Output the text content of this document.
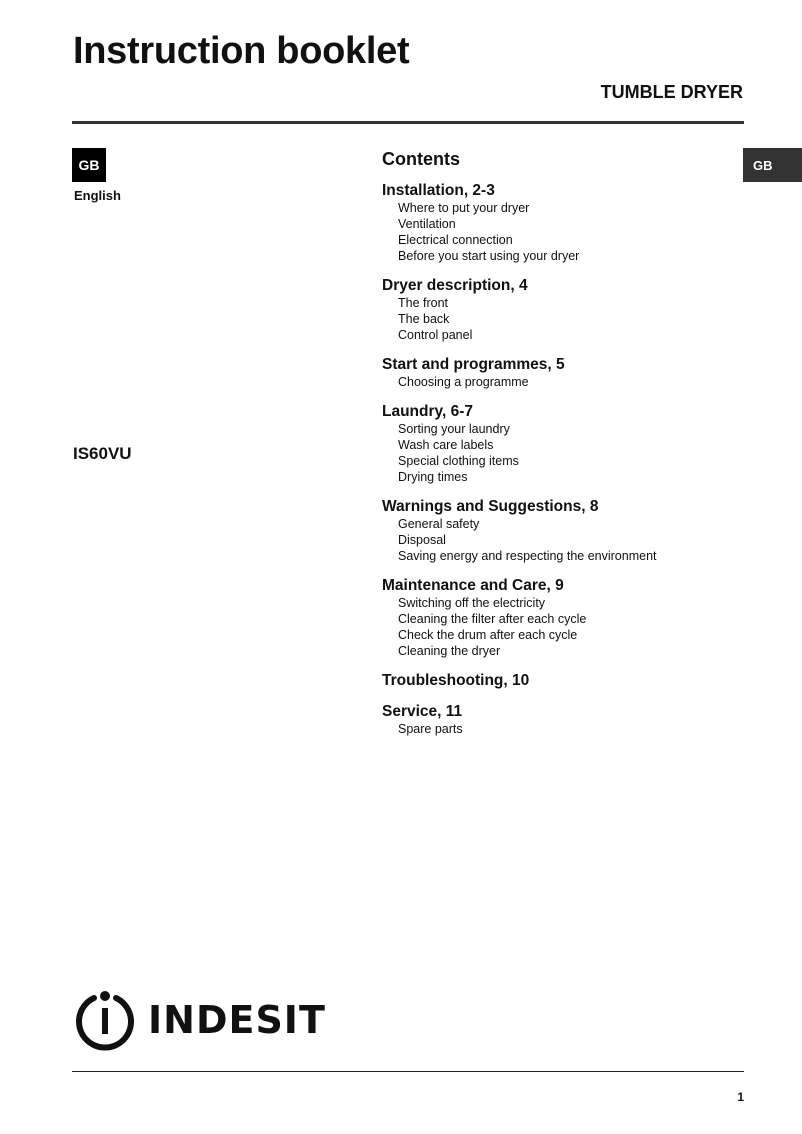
Instruction booklet
TUMBLE DRYER
GB
English
IS60VU
GB
Contents
Installation, 2-3
Where to put your dryer
Ventilation
Electrical connection
Before you start using your dryer
Dryer description, 4
The front
The back
Control panel
Start and programmes, 5
Choosing a programme
Laundry, 6-7
Sorting your laundry
Wash care labels
Special clothing items
Drying times
Warnings and Suggestions, 8
General safety
Disposal
Saving energy and respecting the environment
Maintenance and Care, 9
Switching off the electricity
Cleaning the filter after each cycle
Check the drum after each cycle
Cleaning the dryer
Troubleshooting, 10
Service, 11
Spare parts
INDESIT
1
